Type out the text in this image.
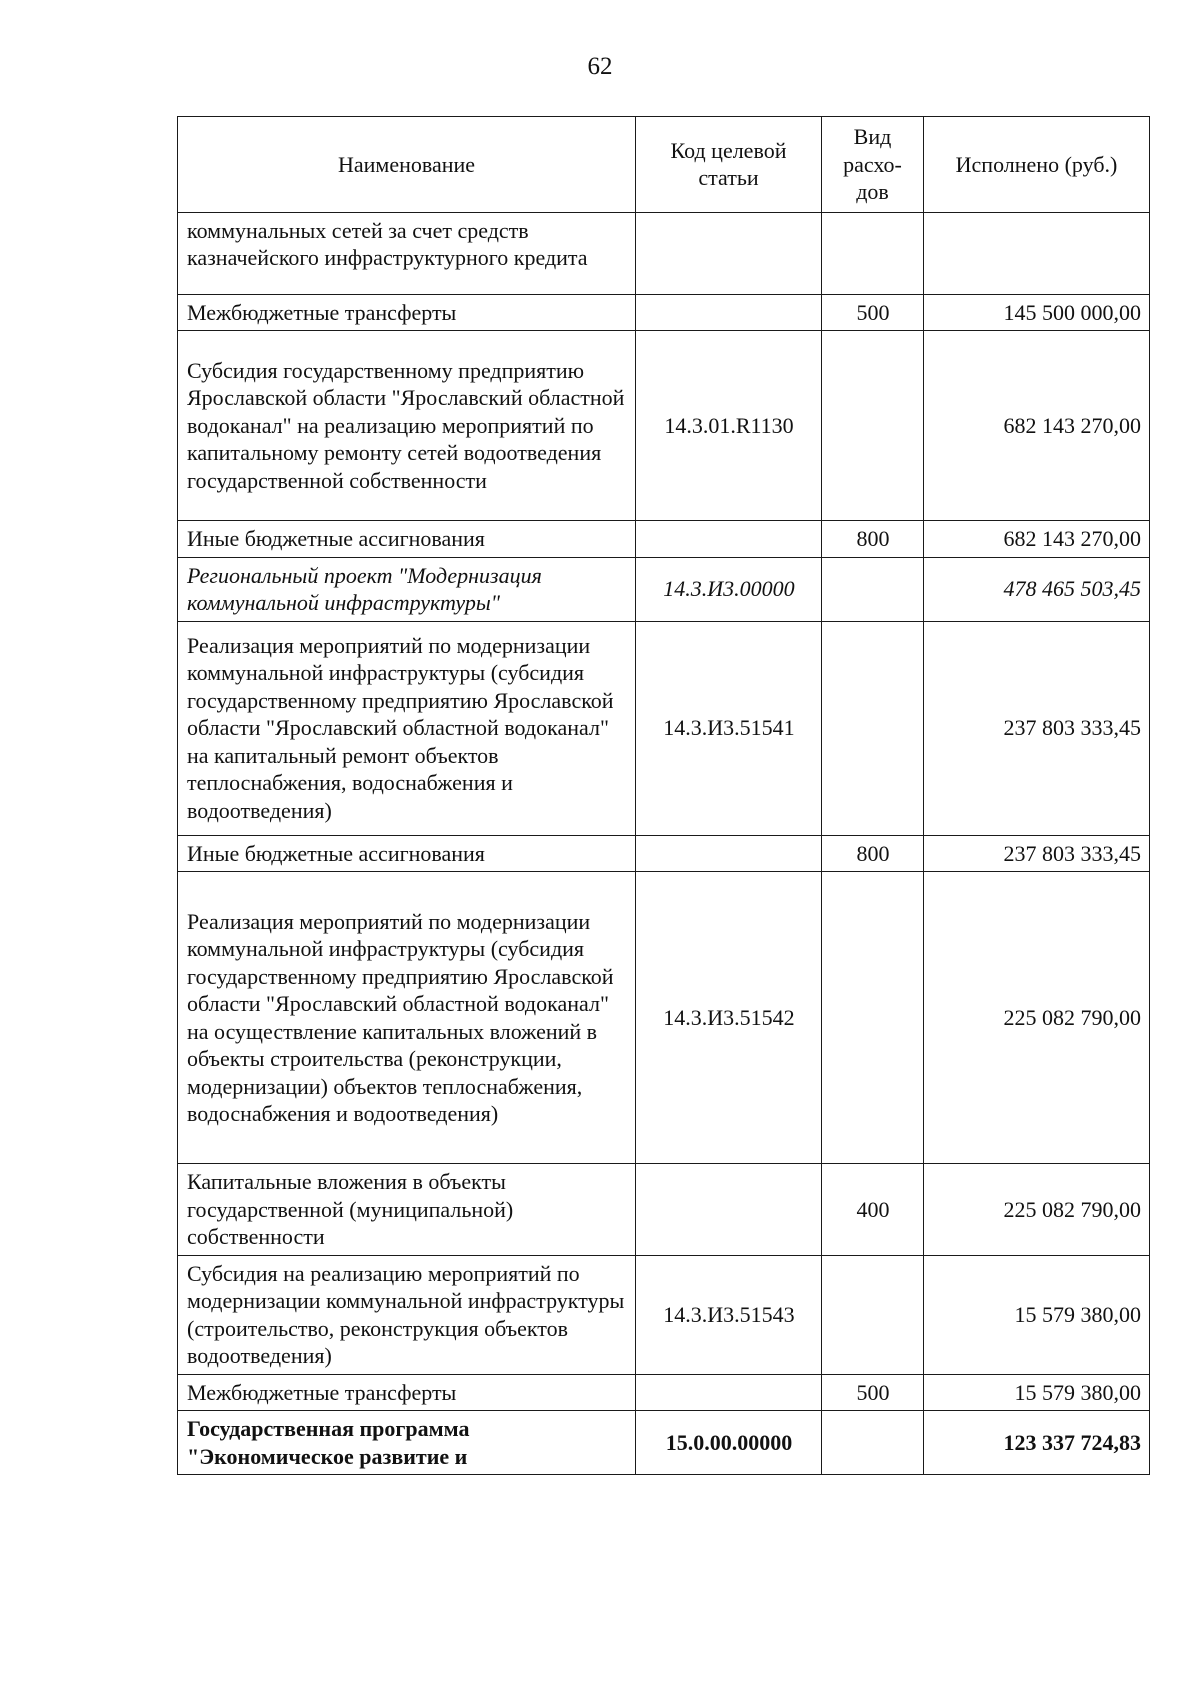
62
Наименование	Код целевой статьи	Вид расхо-дов	Исполнено (руб.)
коммунальных сетей за счет средств казначейского инфраструктурного кредита			
Межбюджетные трансферты		500	145 500 000,00
Субсидия государственному предприятию Ярославской области "Ярославский областной водоканал" на реализацию мероприятий по капитальному ремонту сетей водоотведения государственной собственности	14.3.01.R1130		682 143 270,00
Иные бюджетные ассигнования		800	682 143 270,00
Региональный проект "Модернизация коммунальной инфраструктуры"	14.3.И3.00000		478 465 503,45
Реализация мероприятий по модернизации коммунальной инфраструктуры (субсидия государственному предприятию Ярославской области "Ярославский областной водоканал" на капитальный ремонт объектов теплоснабжения, водоснабжения и водоотведения)	14.3.И3.51541		237 803 333,45
Иные бюджетные ассигнования		800	237 803 333,45
Реализация мероприятий по модернизации коммунальной инфраструктуры (субсидия государственному предприятию Ярославской области "Ярославский областной водоканал" на осуществление капитальных вложений в объекты строительства (реконструкции, модернизации) объектов теплоснабжения, водоснабжения и водоотведения)	14.3.И3.51542		225 082 790,00
Капитальные вложения в объекты государственной (муниципальной) собственности		400	225 082 790,00
Субсидия на реализацию мероприятий по модернизации коммунальной инфраструктуры (строительство, реконструкция объектов водоотведения)	14.3.И3.51543		15 579 380,00
Межбюджетные трансферты		500	15 579 380,00
Государственная программа "Экономическое развитие и	15.0.00.00000		123 337 724,83
